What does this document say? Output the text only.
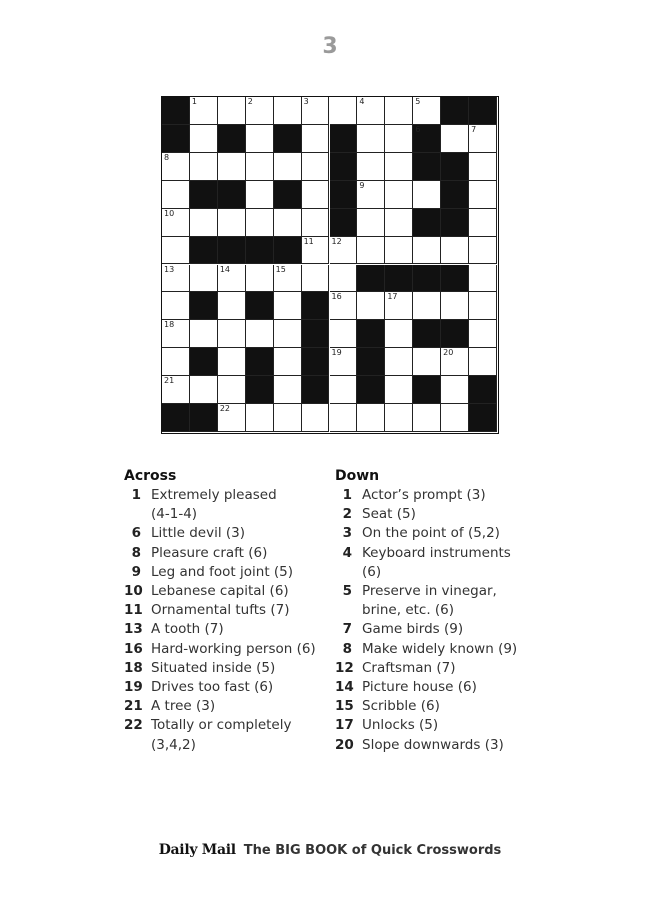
3
1	2	3	4	5
6	7
8
9
10
11 12
13	14	15
16	17
18
19	20
21
22
Across
1 Extremely pleased
(4-1-4)
6 Little devil (3)
8 Pleasure craft (6)
9 Leg and foot joint (5)
10 Lebanese capital (6)
11 Ornamental tufts (7)
13 A tooth (7)
16 Hard-working person (6)
18 Situated inside (5)
19 Drives too fast (6)
21 A tree (3)
22 Totally or completely
(3,4,2)
Down
1 Actor’s prompt (3)
2 Seat (5)
3 On the point of (5,2)
4 Keyboard instruments
(6)
5 Preserve in vinegar,
brine, etc. (6)
7 Game birds (9)
8 Make widely known (9)
12 Craftsman (7)
14 Picture house (6)
15 Scribble (6)
17 Unlocks (5)
20 Slope downwards (3)
Daily Mail The BIG BOOK of Quick Crosswords
